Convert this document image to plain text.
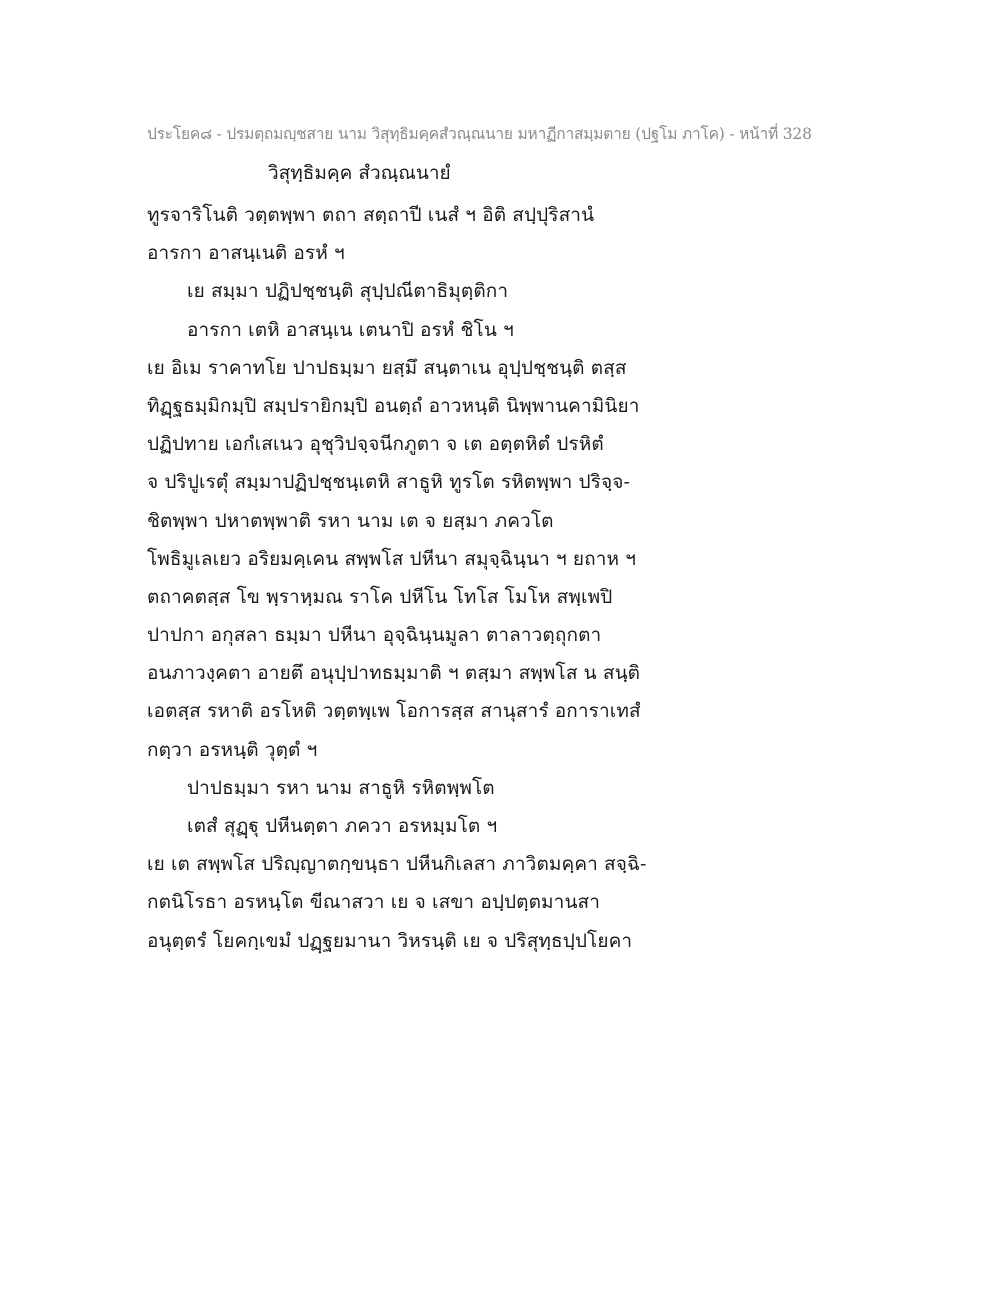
ประโยค๘ - ปรมตฺถมญฺชสาย นาม วิสุทฺธิมคฺคสํวณฺณนาย มหาฏีกาสมฺมตาย (ปฐโม ภาโค) - หน้าที่ 328
วิสุทฺธิมคฺค สํวณฺณนายํ
ทูรจาริโนติ วตฺตพฺพา ตถา สตฺถาปี เนสํ ฯ อิติ สปฺปุริสานํ
อารกา อาสนฺเนติ อรหํ ฯ
เย สมฺมา ปฏิปชฺชนฺติ สุปฺปณีตาธิมุตฺติกา
อารกา เตหิ อาสนฺเน เตนาปิ อรหํ ชิโน ฯ
เย อิเม ราคาทโย ปาปธมฺมา ยสฺมึ สนฺตาเน อุปฺปชฺชนฺติ ตสฺส
ทิฏฺฐธมฺมิกมฺปิ สมฺปรายิกมฺปิ อนตฺถํ อาวหนฺติ นิพฺพานคามินิยา
ปฏิปทาย เอกํเสเนว อุชุวิปจฺจนีกภูตา จ เต อตฺตหิตํ ปรหิตํ
จ ปริปูเรตุํ สมฺมาปฏิปชฺชนฺเตหิ สาธูหิ ทูรโต รหิตพฺพา ปริจฺจ-
ชิตพฺพา ปหาตพฺพาติ รหา นาม เต จ ยสฺมา ภควโต
โพธิมูเลเยว อริยมคฺเคน สพฺพโส ปหีนา สมุจฺฉินฺนา ฯ ยถาห ฯ
ตถาคตสฺส โข พฺราหฺมณ ราโค ปหีโน โทโส โมโห สพฺเพปิ
ปาปกา อกุสลา ธมฺมา ปหีนา อุจฺฉินฺนมูลา ตาลาวตฺถุกตา
อนภาวงฺคตา อายตึ อนุปฺปาทธมฺมาติ ฯ ตสฺมา สพฺพโส น สนฺติ
เอตสฺส รหาติ อรโหติ วตฺตพฺเพ โอการสฺส สานุสารํ อการาเทสํ
กตฺวา อรหนฺติ วุตฺตํ ฯ
ปาปธมฺมา รหา นาม สาธูหิ รหิตพฺพโต
เตสํ สุฏฺฐุ ปหีนตฺตา ภควา อรหมฺมโต ฯ
เย เต สพฺพโส ปริญฺญาตกฺขนฺธา ปหีนกิเลสา ภาวิตมคฺคา สจฺฉิ-
กตนิโรธา อรหนฺโต ขีณาสวา เย จ เสขา อปฺปตฺตมานสา
อนุตฺตรํ โยคกฺเขมํ ปฏฺฐยมานา วิหรนฺติ เย จ ปริสุทฺธปฺปโยคา
